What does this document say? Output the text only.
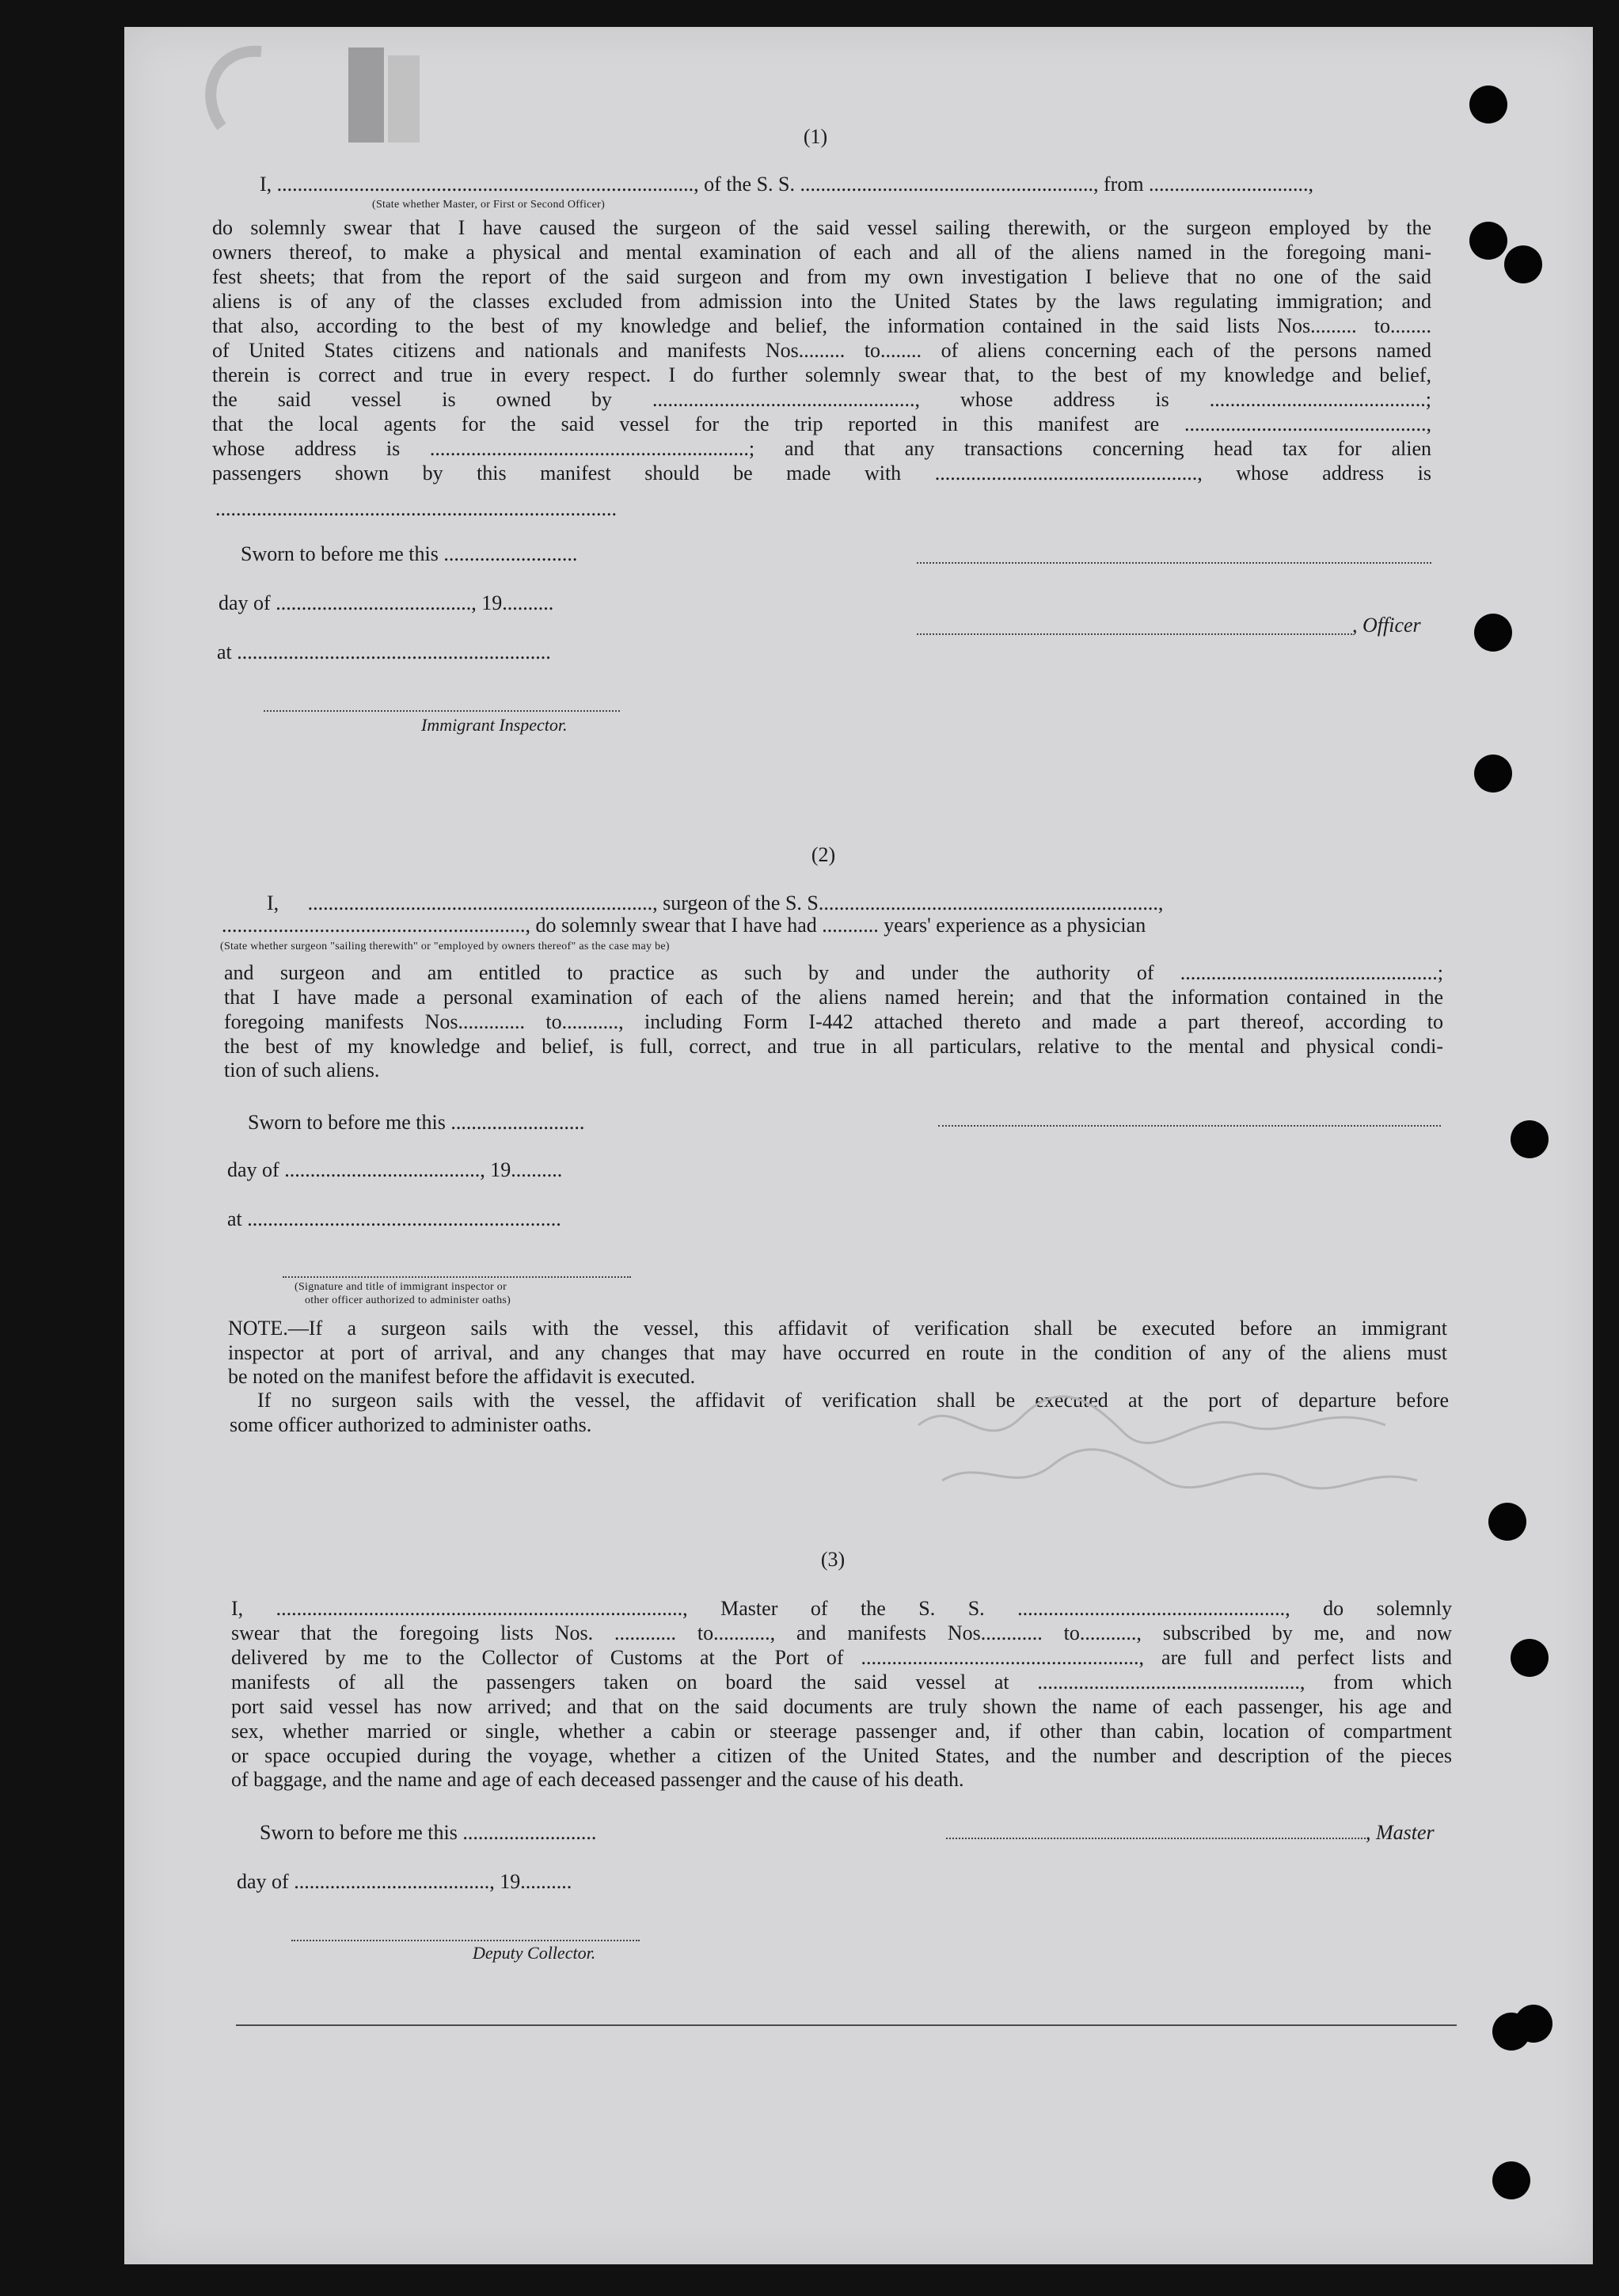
(1)
I, ................................................................................., of the S. S. ........................................................., from ...............................,
(State whether Master, or First or Second Officer)
do solemnly swear that I have caused the surgeon of the said vessel sailing therewith, or the surgeon employed by the
owners thereof, to make a physical and mental examination of each and all of the aliens named in the foregoing mani-
fest sheets; that from the report of the said surgeon and from my own investigation I believe that no one of the said
aliens is of any of the classes excluded from admission into the United States by the laws regulating immigration; and
that also, according to the best of my knowledge and belief, the information contained in the said lists Nos......... to........
of United States citizens and nationals and manifests Nos......... to........ of aliens concerning each of the persons named
therein is correct and true in every respect. I do further solemnly swear that, to the best of my knowledge and belief,
the said vessel is owned by ..................................................., whose address is ..........................................;
that the local agents for the said vessel for the trip reported in this manifest are ...............................................,
whose address is ..............................................................; and that any transactions concerning head tax for alien
passengers shown by this manifest should be made with ..................................................., whose address is
..............................................................................
Sworn to before me this ..........................
day of ......................................, 19..........
at .............................................................
Immigrant Inspector.
, Officer
(2)
I, ..................................................................., surgeon of the S. S..................................................................,
..........................................................., do solemnly swear that I have had ........... years' experience as a physician
(State whether surgeon "sailing therewith" or "employed by owners thereof" as the case may be)
and surgeon and am entitled to practice as such by and under the authority of ..................................................;
that I have made a personal examination of each of the aliens named herein; and that the information contained in the
foregoing manifests Nos............. to..........., including Form I-442 attached thereto and made a part thereof, according to
the best of my knowledge and belief, is full, correct, and true in all particulars, relative to the mental and physical condi-
tion of such aliens.
Sworn to before me this ..........................
day of ......................................, 19..........
at .............................................................
(Signature and title of immigrant inspector or
other officer authorized to administer oaths)
NOTE.—If a surgeon sails with the vessel, this affidavit of verification shall be executed before an immigrant
inspector at port of arrival, and any changes that may have occurred en route in the condition of any of the aliens must
be noted on the manifest before the affidavit is executed.
If no surgeon sails with the vessel, the affidavit of verification shall be executed at the port of departure before
some officer authorized to administer oaths.
(3)
I, ..............................................................................., Master of the S. S. ...................................................., do solemnly
swear that the foregoing lists Nos. ............ to..........., and manifests Nos............ to..........., subscribed by me, and now
delivered by me to the Collector of Customs at the Port of ......................................................, are full and perfect lists and
manifests of all the passengers taken on board the said vessel at ..................................................., from which
port said vessel has now arrived; and that on the said documents are truly shown the name of each passenger, his age and
sex, whether married or single, whether a cabin or steerage passenger and, if other than cabin, location of compartment
or space occupied during the voyage, whether a citizen of the United States, and the number and description of the pieces
of baggage, and the name and age of each deceased passenger and the cause of his death.
Sworn to before me this ..........................
day of ......................................, 19..........
, Master
Deputy Collector.
